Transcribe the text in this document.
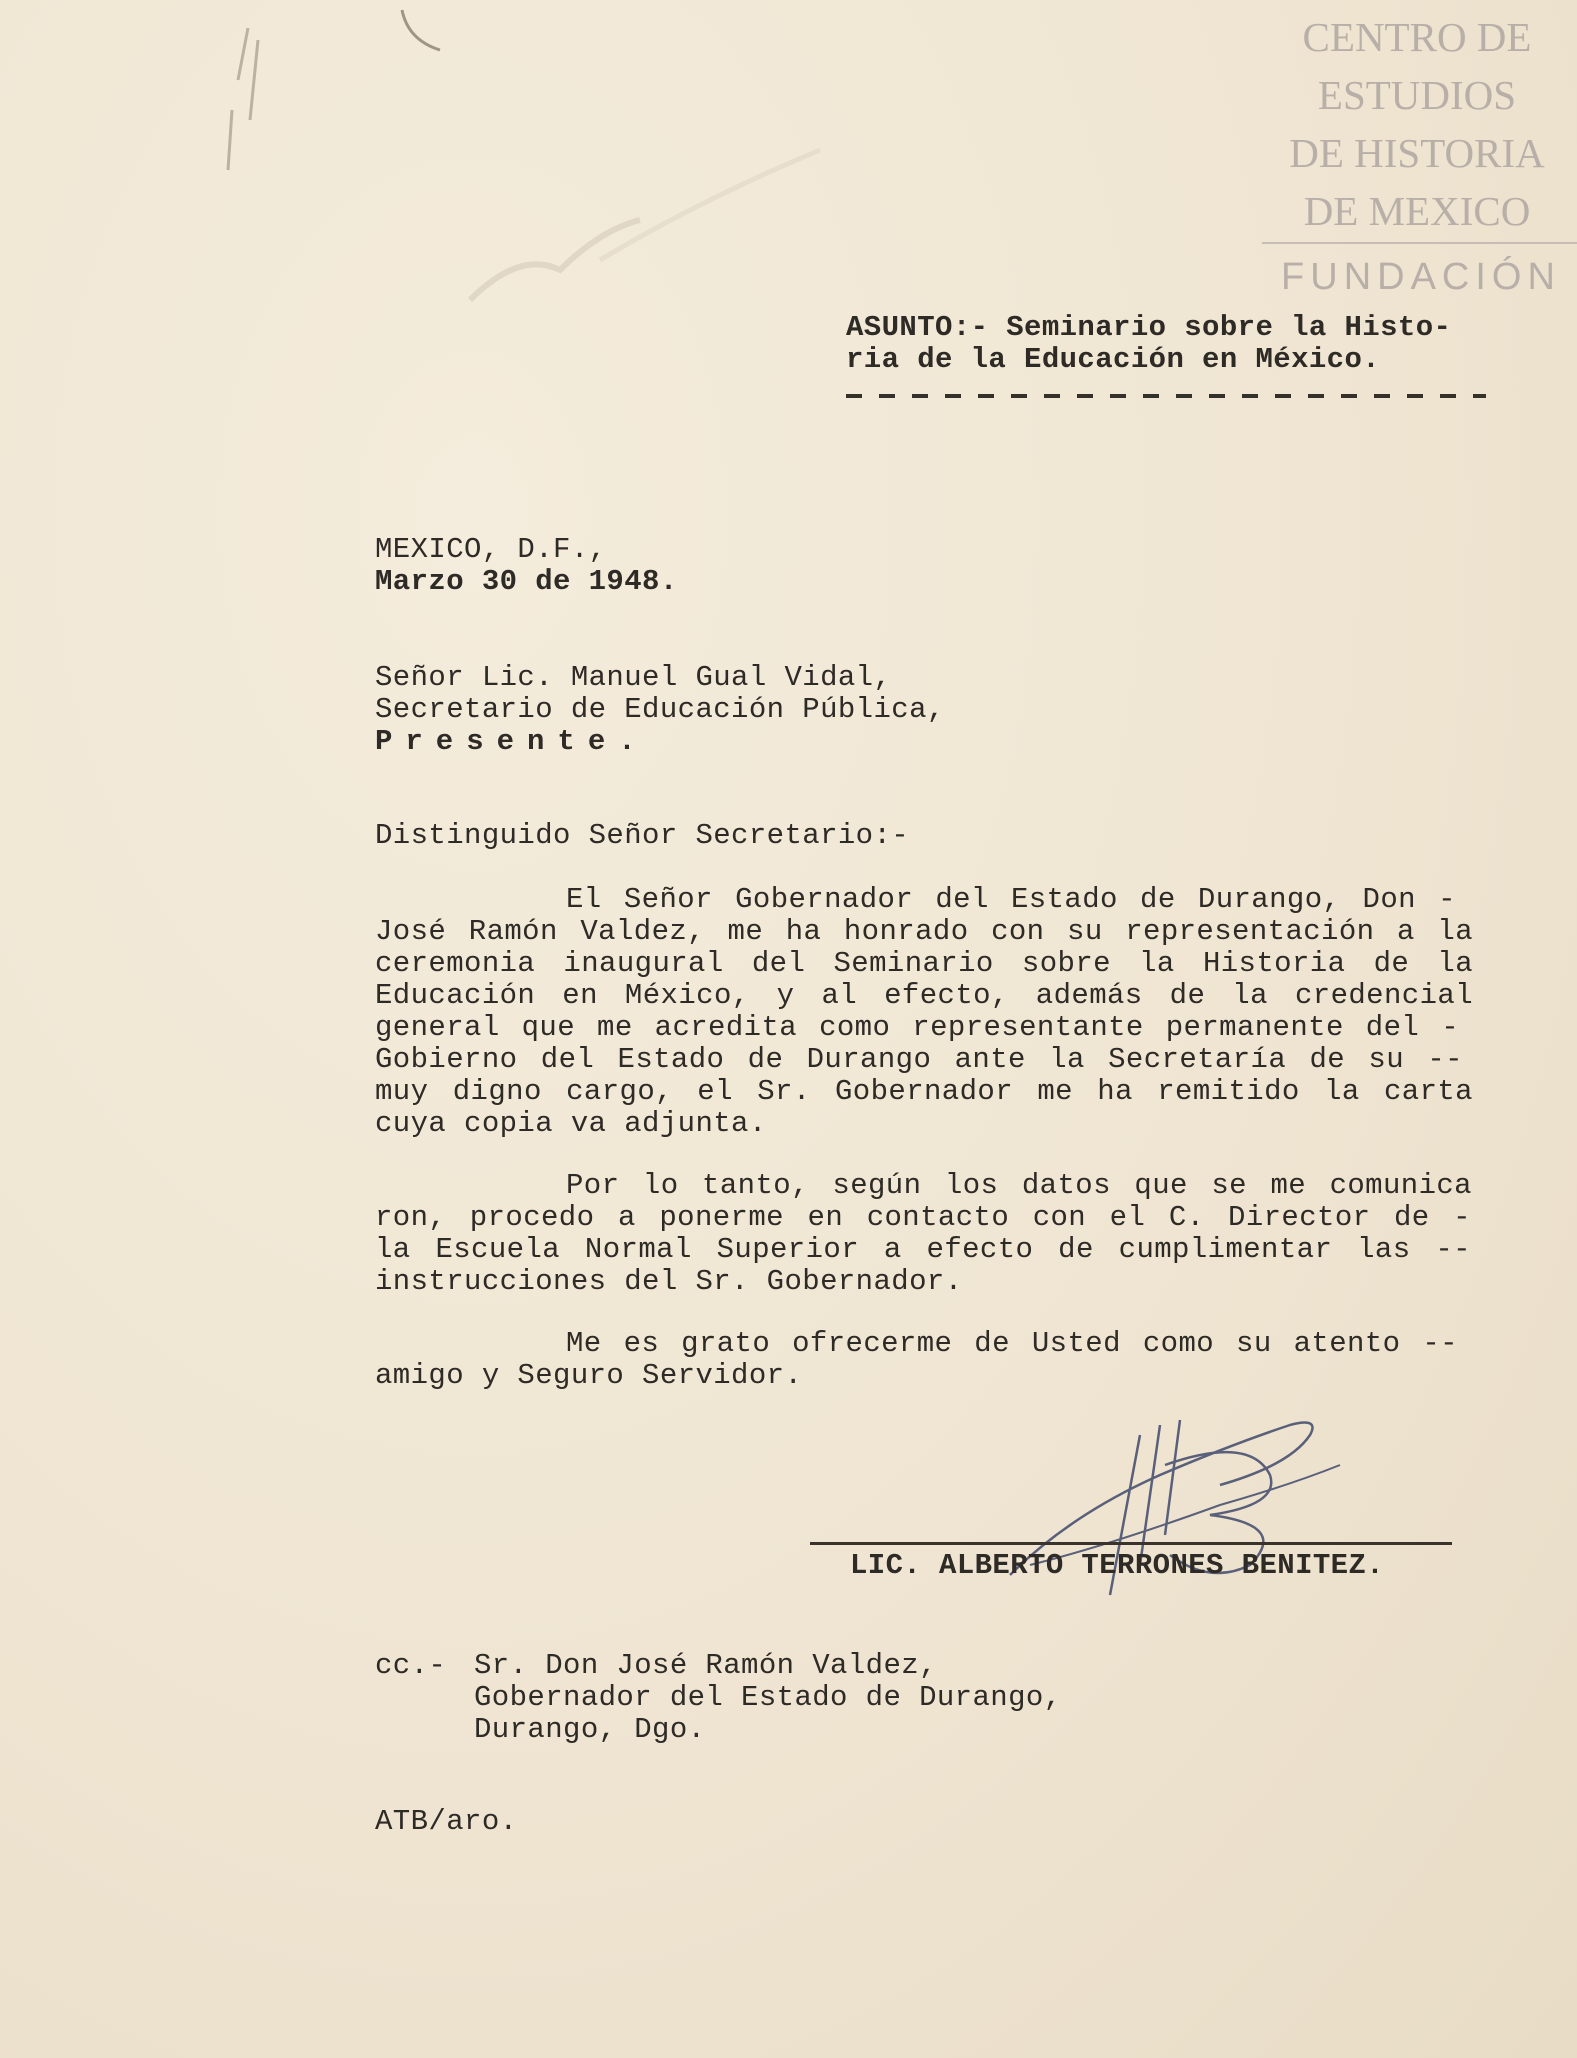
CENTRO DE
ESTUDIOS
DE HISTORIA
DE MEXICO
FUNDACIÓN
ASUNTO:- Seminario sobre la Histo-
ria de la Educación en México.
MEXICO, D.F.,
Marzo 30 de 1948.
Señor Lic. Manuel Gual Vidal,
Secretario de Educación Pública,
Presente.
Distinguido Señor Secretario:-
El Señor Gobernador del Estado de Durango, Don -
José Ramón Valdez, me ha honrado con su representación a la
ceremonia inaugural del Seminario sobre la Historia de la
Educación en México, y al efecto, además de la credencial
general que me acredita como representante permanente del -
Gobierno del Estado de Durango ante la Secretaría de su --
muy digno cargo, el Sr. Gobernador me ha remitido la carta
cuya copia va adjunta.
Por lo tanto, según los datos que se me comunica
ron, procedo a ponerme en contacto con el C. Director de -
la Escuela Normal Superior a efecto de cumplimentar las --
instrucciones del Sr. Gobernador.
Me es grato ofrecerme de Usted como su atento --
amigo y Seguro Servidor.
LIC. ALBERTO TERRONES BENITEZ.
cc.- Sr. Don José Ramón Valdez,
Gobernador del Estado de Durango,
Durango, Dgo.
ATB/aro.
